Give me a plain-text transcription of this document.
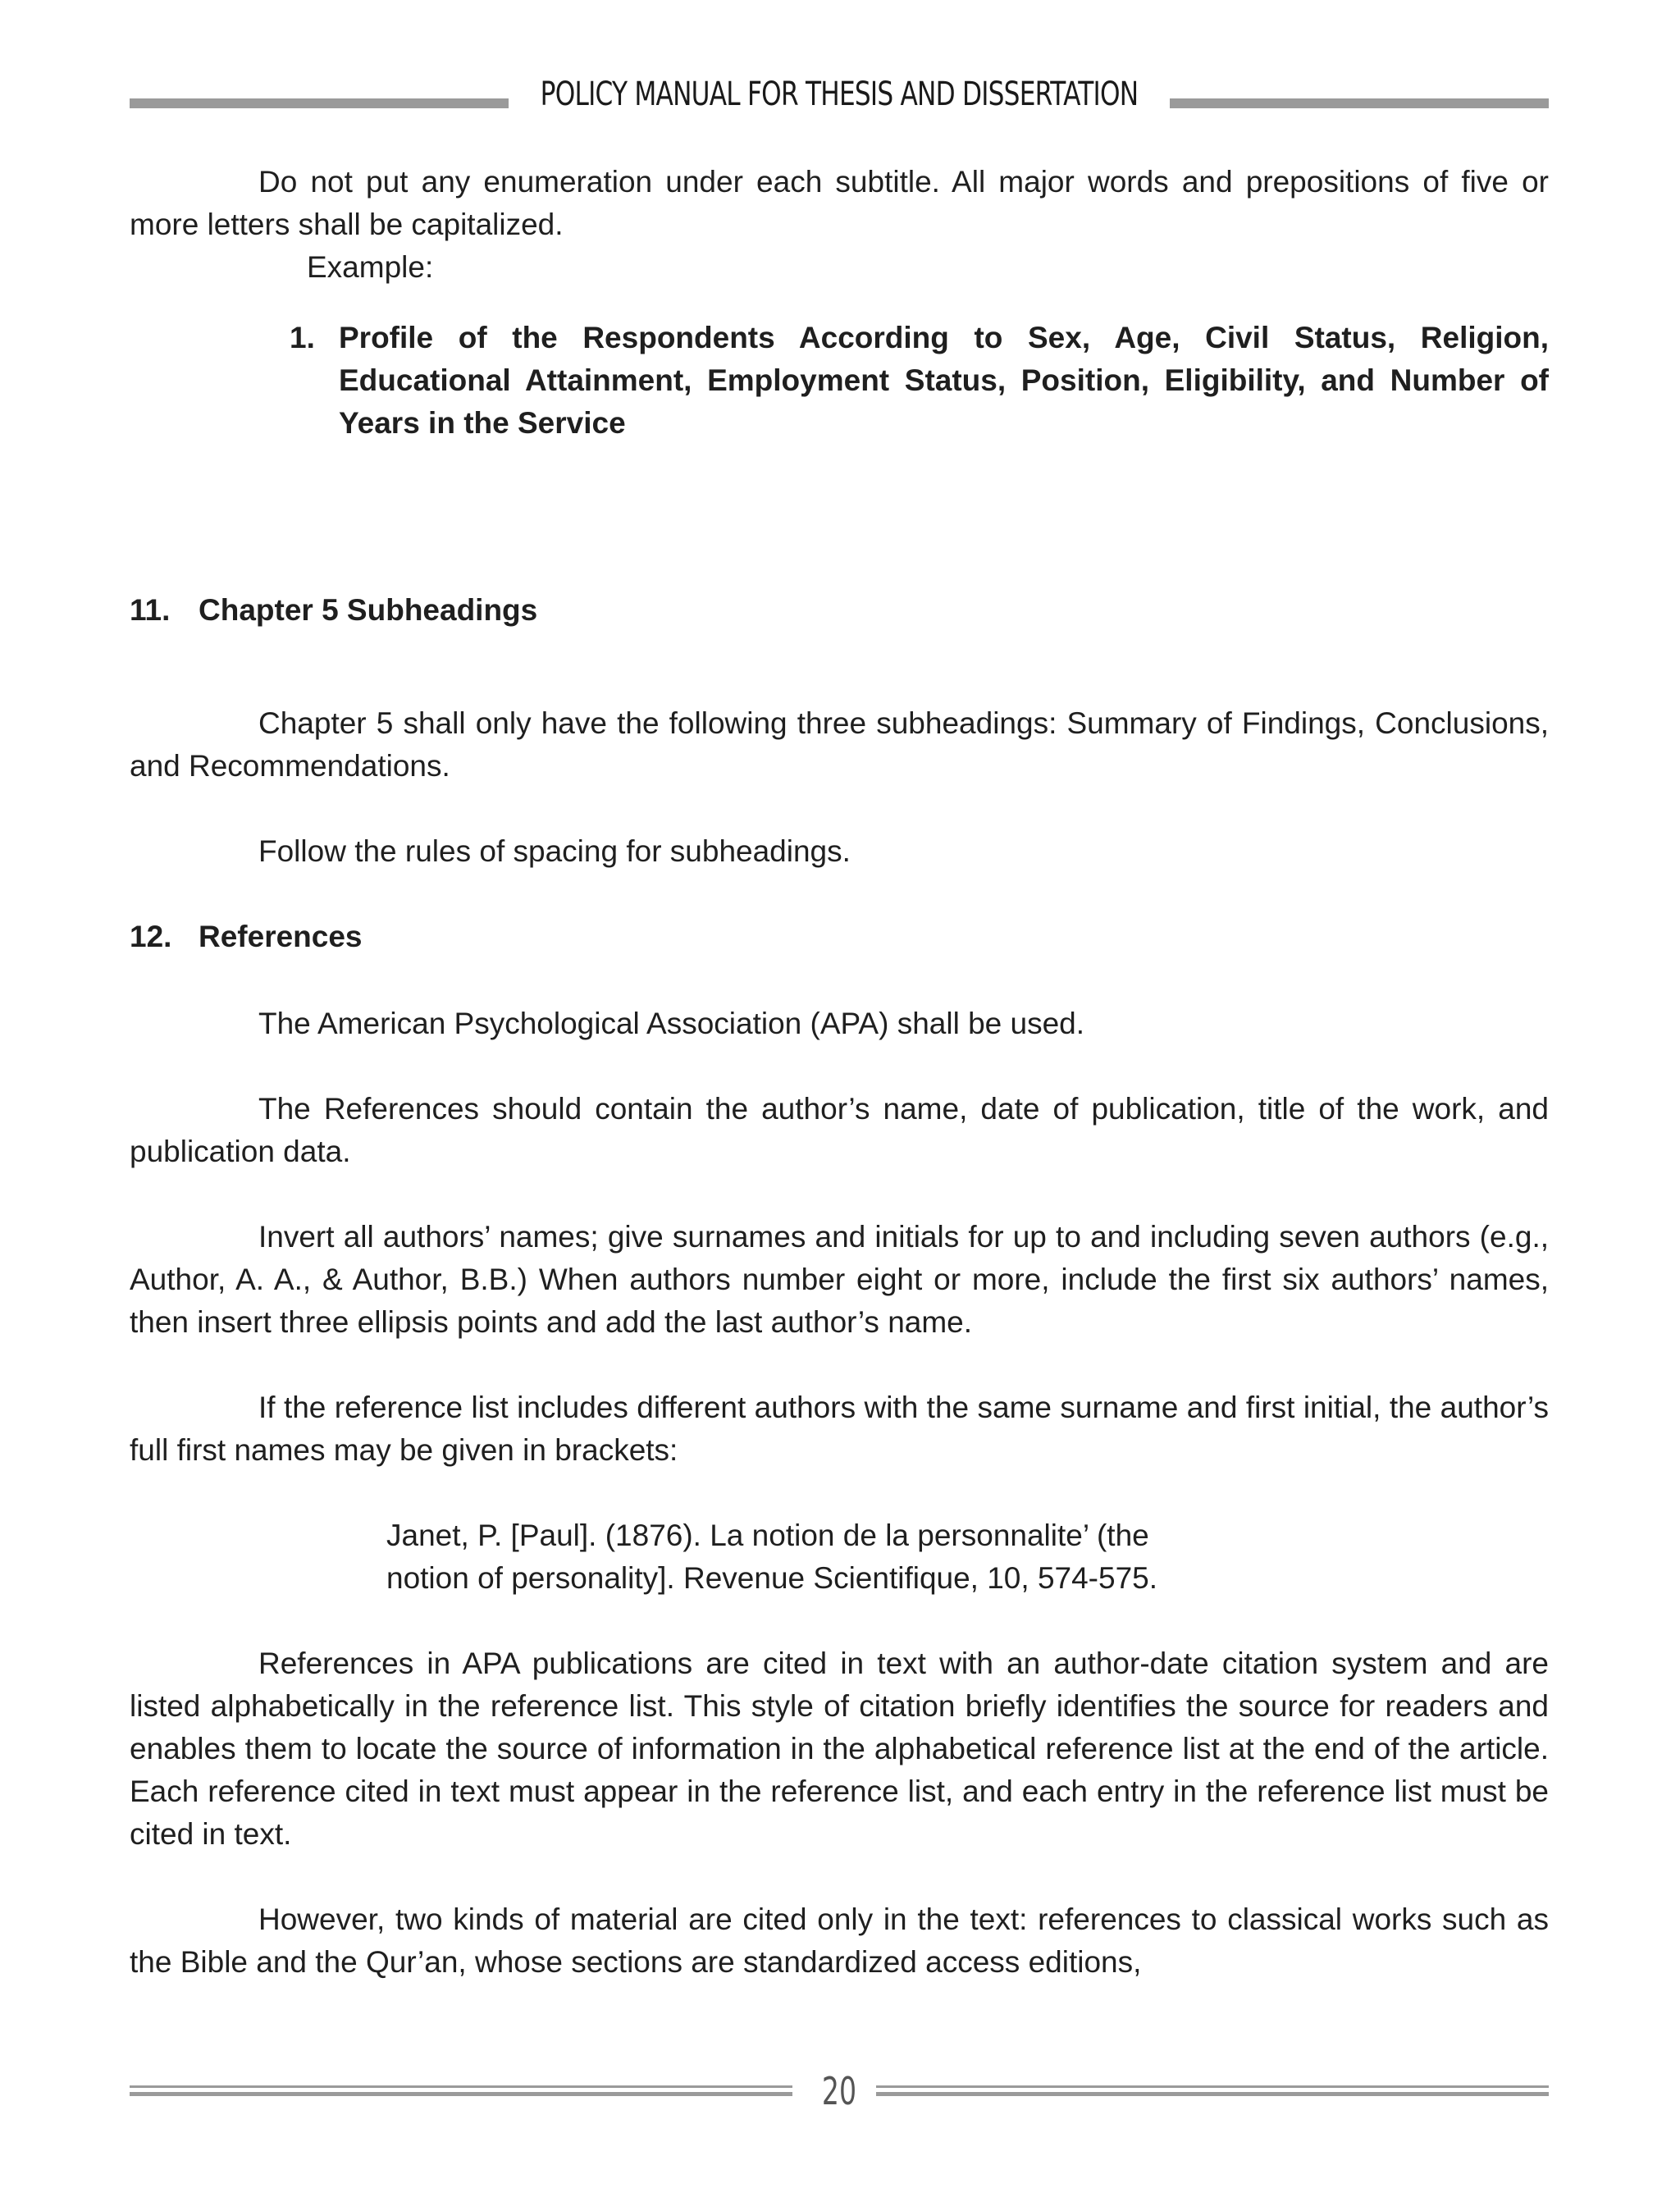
POLICY MANUAL FOR THESIS AND DISSERTATION

Do not put any enumeration under each subtitle. All major words and prepositions of five or more letters shall be capitalized.

Example:

1. Profile of the Respondents According to Sex, Age, Civil Status, Religion, Educational Attainment, Employment Status, Position, Eligibility, and Number of Years in the Service

11. Chapter 5 Subheadings

Chapter 5 shall only have the following three subheadings: Summary of Findings, Conclusions, and Recommendations.

Follow the rules of spacing for subheadings.

12. References

The American Psychological Association (APA) shall be used.

The References should contain the author’s name, date of publication, title of the work, and publication data.

Invert all authors’ names; give surnames and initials for up to and including seven authors (e.g., Author, A. A., & Author, B.B.) When authors number eight or more, include the first six authors’ names, then insert three ellipsis points and add the last author’s name.

If the reference list includes different authors with the same surname and first initial, the author’s full first names may be given in brackets:

Janet, P. [Paul]. (1876). La notion de la personnalite’ (the
notion of personality]. Revenue Scientifique, 10, 574-575.

References in APA publications are cited in text with an author-date citation system and are listed alphabetically in the reference list. This style of citation briefly identifies the source for readers and enables them to locate the source of information in the alphabetical reference list at the end of the article. Each reference cited in text must appear in the reference list, and each entry in the reference list must be cited in text.

However, two kinds of material are cited only in the text: references to classical works such as the Bible and the Qur’an, whose sections are standardized access editions,

20
